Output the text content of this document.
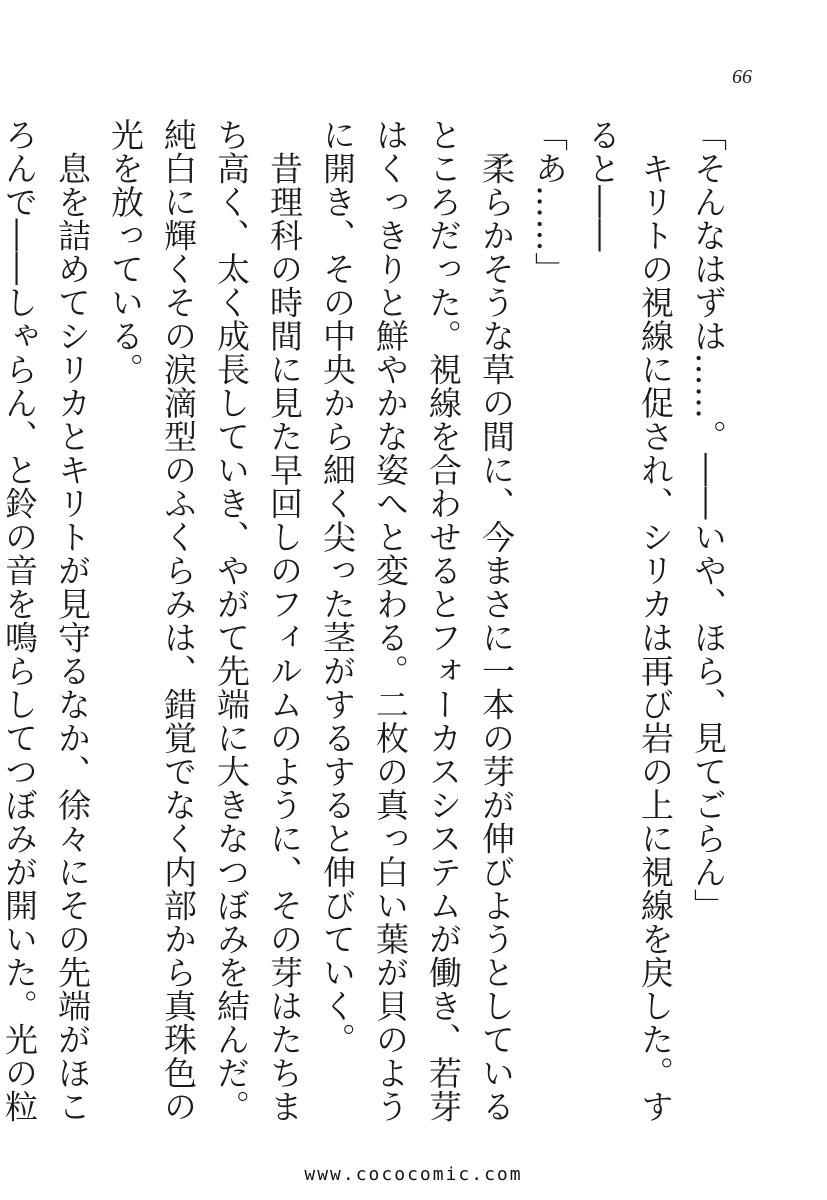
66

「そんなはずは……。――いや、ほら、見てごらん」

　キリトの視線に促され、シリカは再び岩の上に視線を戻した。すると――

「あ……」

　柔らかそうな草の間に、今まさに一本の芽が伸びようとしているところだった。視線を合わせるとフォーカスシステムが働き、若芽はくっきりと鮮やかな姿へと変わる。二枚の真っ白い葉が貝のように開き、その中央から細く尖った茎がするすると伸びていく。

　昔理科の時間に見た早回しのフィルムのように、その芽はたちまち高く、太く成長していき、やがて先端に大きなつぼみを結んだ。純白に輝くその涙滴型のふくらみは、錯覚でなく内部から真珠色の光を放っている。

　息を詰めてシリカとキリトが見守るなか、徐々にその先端がほころんで――しゃらん、と鈴の音を鳴らしてつぼみが開いた。光の粒

www.cococomic.com
